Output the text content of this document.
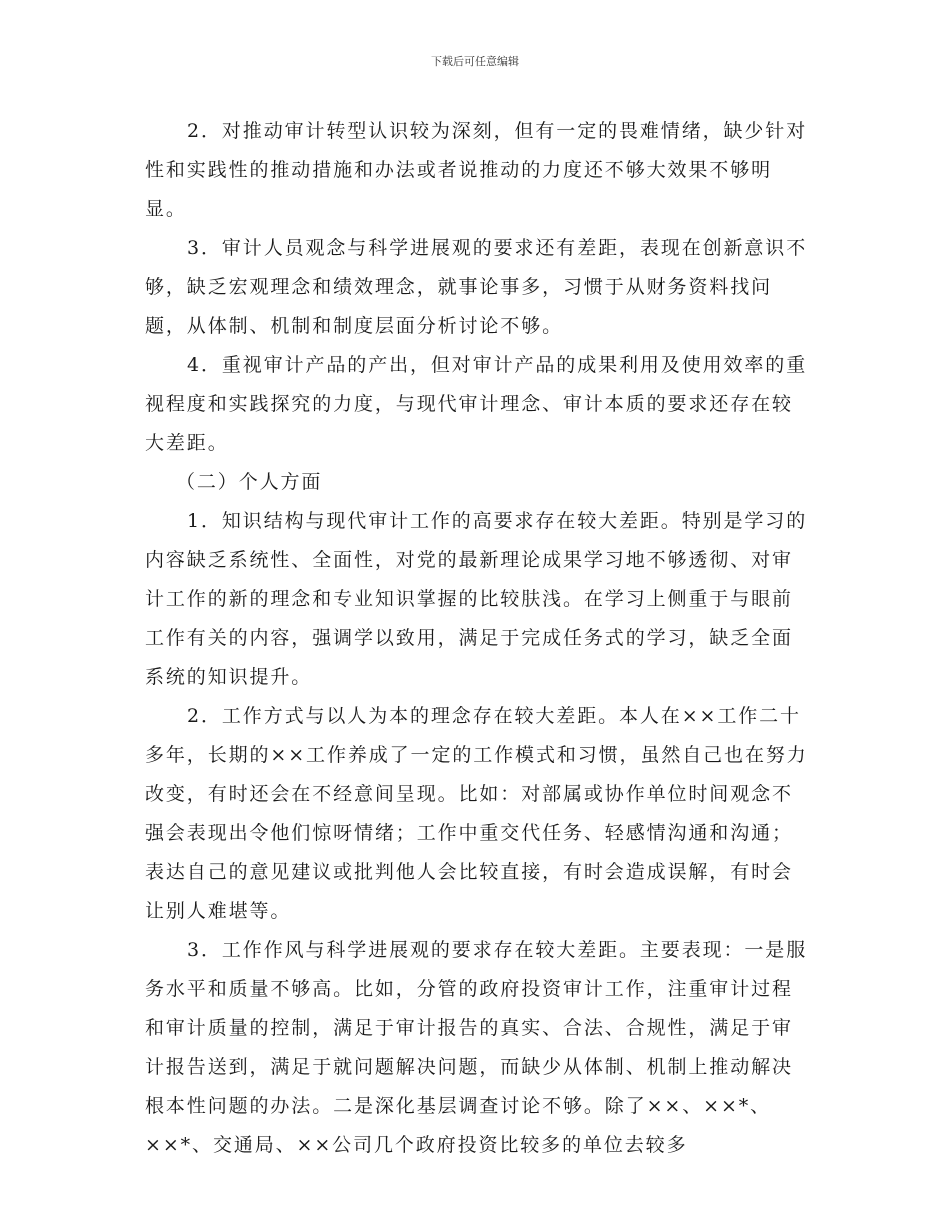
下载后可任意编辑

2．对推动审计转型认识较为深刻，但有一定的畏难情绪，缺少针对性和实践性的推动措施和办法或者说推动的力度还不够大效果不够明显。

3．审计人员观念与科学进展观的要求还有差距，表现在创新意识不够，缺乏宏观理念和绩效理念，就事论事多，习惯于从财务资料找问题，从体制、机制和制度层面分析讨论不够。

4．重视审计产品的产出，但对审计产品的成果利用及使用效率的重视程度和实践探究的力度，与现代审计理念、审计本质的要求还存在较大差距。

（二）个人方面

1．知识结构与现代审计工作的高要求存在较大差距。特别是学习的内容缺乏系统性、全面性，对党的最新理论成果学习地不够透彻、对审计工作的新的理念和专业知识掌握的比较肤浅。在学习上侧重于与眼前工作有关的内容，强调学以致用，满足于完成任务式的学习，缺乏全面系统的知识提升。

2．工作方式与以人为本的理念存在较大差距。本人在××工作二十多年，长期的××工作养成了一定的工作模式和习惯，虽然自己也在努力改变，有时还会在不经意间呈现。比如：对部属或协作单位时间观念不强会表现出令他们惊呀情绪；工作中重交代任务、轻感情沟通和沟通；表达自己的意见建议或批判他人会比较直接，有时会造成误解，有时会让别人难堪等。

3．工作作风与科学进展观的要求存在较大差距。主要表现：一是服务水平和质量不够高。比如，分管的政府投资审计工作，注重审计过程和审计质量的控制，满足于审计报告的真实、合法、合规性，满足于审计报告送到，满足于就问题解决问题，而缺少从体制、机制上推动解决根本性问题的办法。二是深化基层调查讨论不够。除了××、××*、××*、交通局、××公司几个政府投资比较多的单位去较多
